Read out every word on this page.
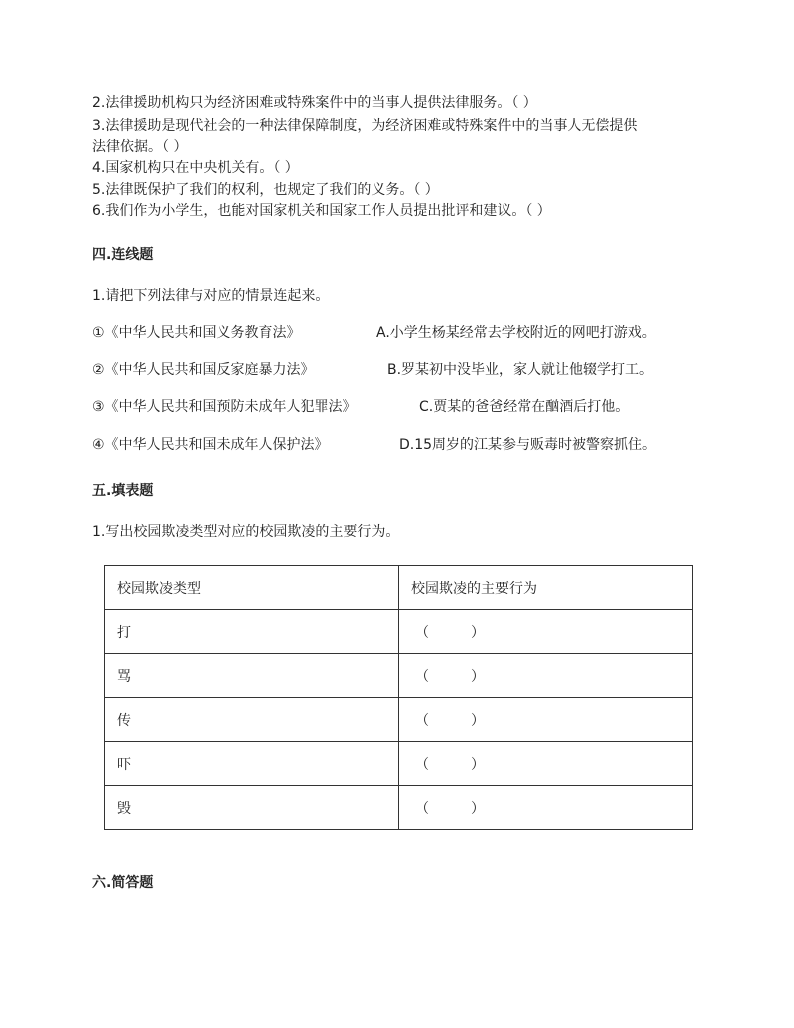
2.法律援助机构只为经济困难或特殊案件中的当事人提供法律服务。（ ）
3.法律援助是现代社会的一种法律保障制度，为经济困难或特殊案件中的当事人无偿提供
法律依据。（ ）
4.国家机构只在中央机关有。（ ）
5.法律既保护了我们的权利，也规定了我们的义务。（ ）
6.我们作为小学生，也能对国家机关和国家工作人员提出批评和建议。（ ）
四.连线题
1.请把下列法律与对应的情景连起来。
①《中华人民共和国义务教育法》	A.小学生杨某经常去学校附近的网吧打游戏。
②《中华人民共和国反家庭暴力法》	B.罗某初中没毕业，家人就让他辍学打工。
③《中华人民共和国预防未成年人犯罪法》	C.贾某的爸爸经常在酗酒后打他。
④《中华人民共和国未成年人保护法》	D.15周岁的江某参与贩毒时被警察抓住。
五.填表题
1.写出校园欺凌类型对应的校园欺凌的主要行为。
校园欺凌类型	校园欺凌的主要行为
打	（　　　）
骂	（　　　）
传	（　　　）
吓	（　　　）
毁	（　　　）
六.简答题
